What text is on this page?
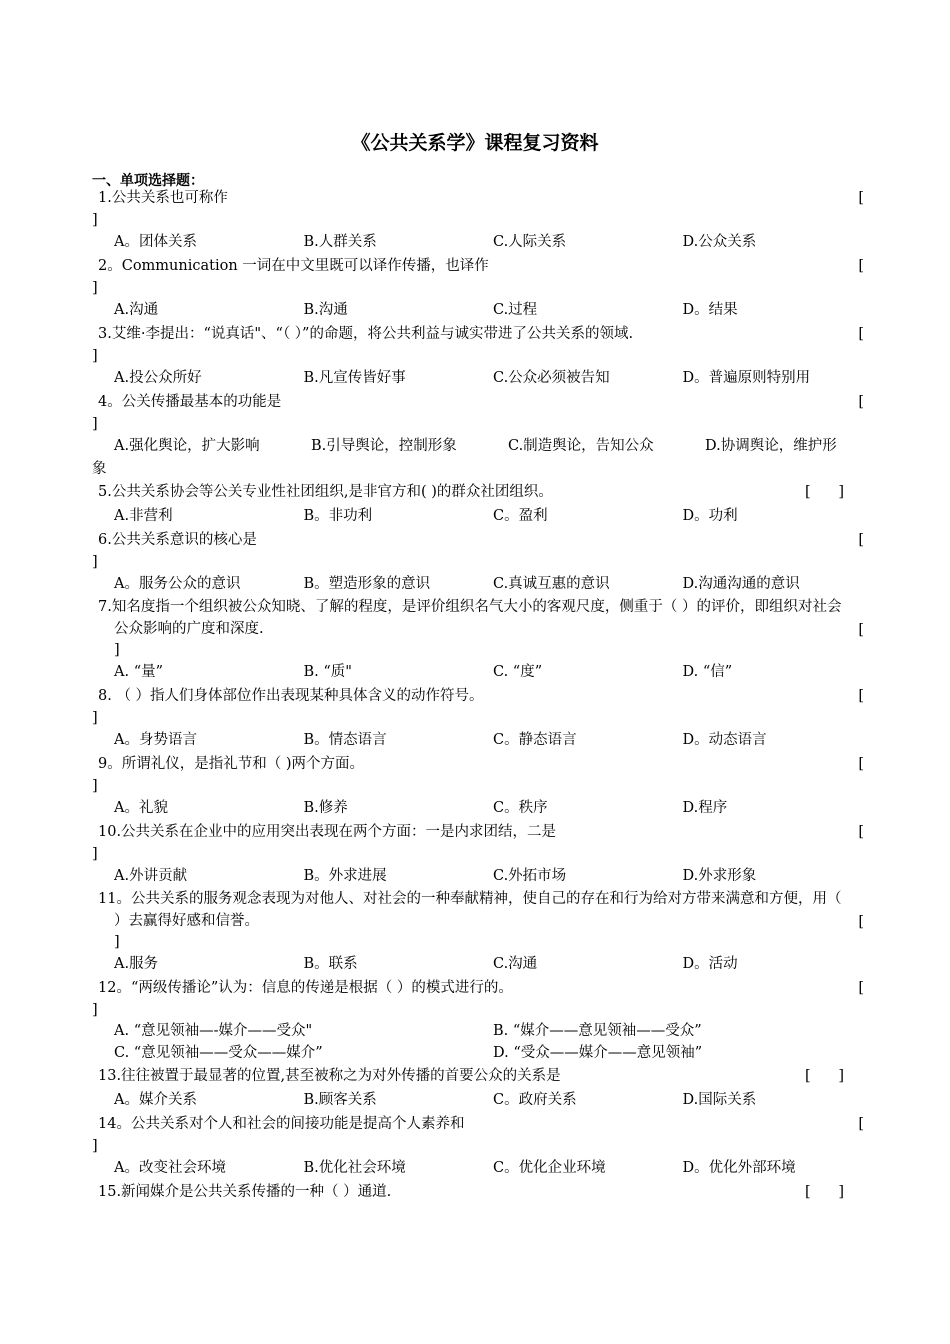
《公共关系学》课程复习资料
一、单项选择题：
1.公共关系也可称作	[
]
A。团体关系	B.人群关系	C.人际关系	D.公众关系
2。Communication 一词在中文里既可以译作传播，也译作	[
]
A.沟通	B.沟通	C.过程	D。结果
3.艾维·李提出：“说真话"、“（ ）”的命题，将公共利益与诚实带进了公共关系的领域.	[
]
A.投公众所好	B.凡宣传皆好事	C.公众必须被告知	D。普遍原则特别用
4。公关传播最基本的功能是	[
]
A.强化舆论，扩大影响	B.引导舆论，控制形象	C.制造舆论，告知公众	D.协调舆论，维护形
象
5.公共关系协会等公关专业性社团组织,是非官方和( )的群众社团组织。	[      ]
A.非营利	B。非功利	C。盈利	D。功利
6.公共关系意识的核心是	[
]
A。服务公众的意识	B。塑造形象的意识	C.真诚互惠的意识	D.沟通沟通的意识
7.知名度指一个组织被公众知晓、了解的程度，是评价组织名气大小的客观尺度，侧重于（ ）的评价，即组织对社会公众影响的广度和深度.	[
]
A. “量”	B. “质"	C. “度”	D. “信”
8. （ ）指人们身体部位作出表现某种具体含义的动作符号。	[
]
A。身势语言	B。情态语言	C。静态语言	D。动态语言
9。所谓礼仪，是指礼节和（ )两个方面。	[
]
A。礼貌	B.修养	C。秩序	D.程序
10.公共关系在企业中的应用突出表现在两个方面：一是内求团结，二是	[
]
A.外讲贡献	B。外求进展	C.外拓市场	D.外求形象
11。公共关系的服务观念表现为对他人、对社会的一种奉献精神，使自己的存在和行为给对方带来满意和方便，用（ ）去赢得好感和信誉。	[
]
A.服务	B。联系	C.沟通	D。活动
12。“两级传播论”认为：信息的传递是根据（ ）的模式进行的。	[
]
A. “意见领袖—-媒介——受众"	B. “媒介——意见领袖——受众”
C. “意见领袖——受众——媒介”	D. “受众——媒介——意见领袖”
13.往往被置于最显著的位置,甚至被称之为对外传播的首要公众的关系是	[      ]
A。媒介关系	B.顾客关系	C。政府关系	D.国际关系
14。公共关系对个人和社会的间接功能是提高个人素养和	[
]
A。改变社会环境	B.优化社会环境	C。优化企业环境	D。优化外部环境
15.新闻媒介是公共关系传播的一种（ ）通道.	[      ]
